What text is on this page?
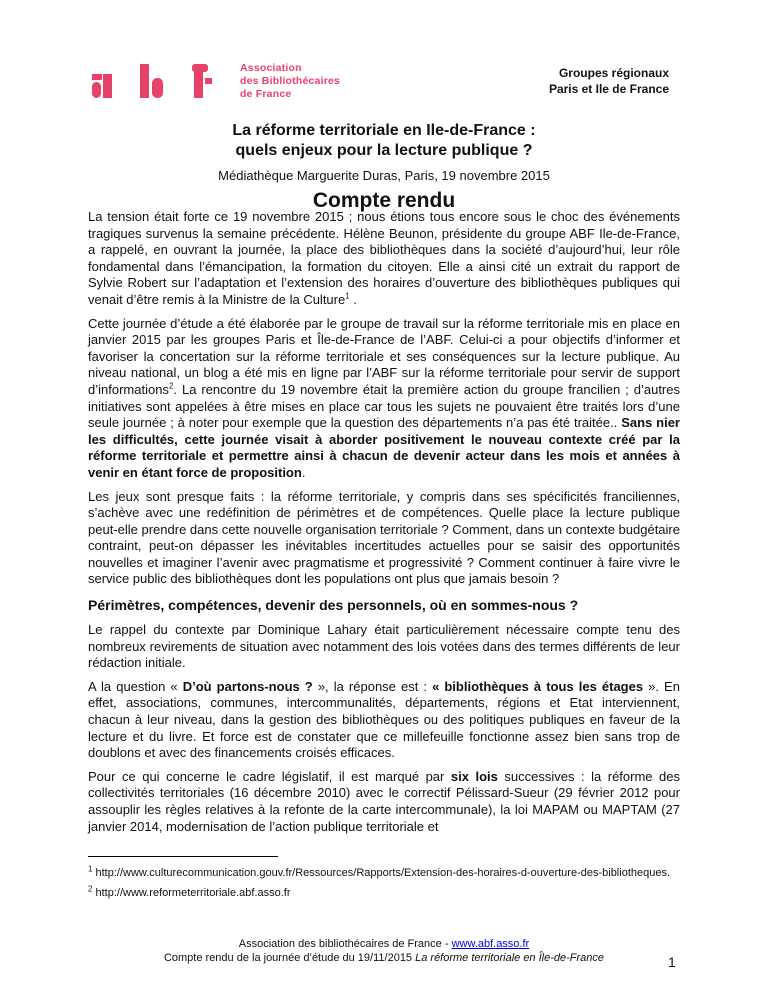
Association
des Bibliothécaires
de France
Groupes régionaux
Paris et Ile de France
La réforme territoriale en Ile-de-France :
quels enjeux pour la lecture publique ?
Médiathèque Marguerite Duras, Paris, 19 novembre 2015
Compte rendu

La tension était forte ce 19 novembre 2015 ; nous étions tous encore sous le choc des événements tragiques survenus la semaine précédente. Hélène Beunon, présidente du groupe ABF Ile-de-France, a rappelé, en ouvrant la journée, la place des bibliothèques dans la société d’aujourd’hui, leur rôle fondamental dans l’émancipation, la formation du citoyen. Elle a ainsi cité un extrait du rapport de Sylvie Robert sur l’adaptation et l’extension des horaires d’ouverture des bibliothèques publiques qui venait d’être remis à la Ministre de la Culture$^1$ .

Cette journée d’étude a été élaborée par le groupe de travail sur la réforme territoriale mis en place en janvier 2015 par les groupes Paris et Île-de-France de l’ABF. Celui-ci a pour objectifs d’informer et favoriser la concertation sur la réforme territoriale et ses conséquences sur la lecture publique. Au niveau national, un blog a été mis en ligne par l’ABF sur la réforme territoriale pour servir de support d’informations$^2$. La rencontre du 19 novembre était la première action du groupe francilien ; d’autres initiatives sont appelées à être mises en place car tous les sujets ne pouvaient être traités lors d’une seule journée ; à noter pour exemple que la question des départements n’a pas été traitée.. Sans nier les difficultés, cette journée visait à aborder positivement le nouveau contexte créé par la réforme territoriale et permettre ainsi à chacun de devenir acteur dans les mois et années à venir en étant force de proposition.

Les jeux sont presque faits : la réforme territoriale, y compris dans ses spécificités franciliennes, s’achève avec une redéfinition de périmètres et de compétences. Quelle place la lecture publique peut-elle prendre dans cette nouvelle organisation territoriale ? Comment, dans un contexte budgétaire contraint, peut-on dépasser les inévitables incertitudes actuelles pour se saisir des opportunités nouvelles et imaginer l’avenir avec pragmatisme et progressivité ? Comment continuer à faire vivre le service public des bibliothèques dont les populations ont plus que jamais besoin ?

Périmètres, compétences, devenir des personnels, où en sommes-nous ?

Le rappel du contexte par Dominique Lahary était particulièrement nécessaire compte tenu des nombreux revirements de situation avec notamment des lois votées dans des termes différents de leur rédaction initiale.

A la question « D’où partons-nous ? », la réponse est : « bibliothèques à tous les étages ». En effet, associations, communes, intercommunalités, départements, régions et Etat interviennent, chacun à leur niveau, dans la gestion des bibliothèques ou des politiques publiques en faveur de la lecture et du livre. Et force est de constater que ce millefeuille fonctionne assez bien sans trop de doublons et avec des financements croisés efficaces.

Pour ce qui concerne le cadre législatif, il est marqué par six lois successives : la réforme des collectivités territoriales (16 décembre 2010) avec le correctif Pélissard-Sueur (29 février 2012 pour assouplir les règles relatives à la refonte de la carte intercommunale), la loi MAPAM ou MAPTAM (27 janvier 2014, modernisation de l’action publique territoriale et

$^1$ http://www.culturecommunication.gouv.fr/Ressources/Rapports/Extension-des-horaires-d-ouverture-des-bibliotheques.
$^2$ http://www.reformeterritoriale.abf.asso.fr
Association des bibliothécaires de France - www.abf.asso.fr
Compte rendu de la journée d’étude du 19/11/2015 La réforme territoriale en Île-de-France	1
